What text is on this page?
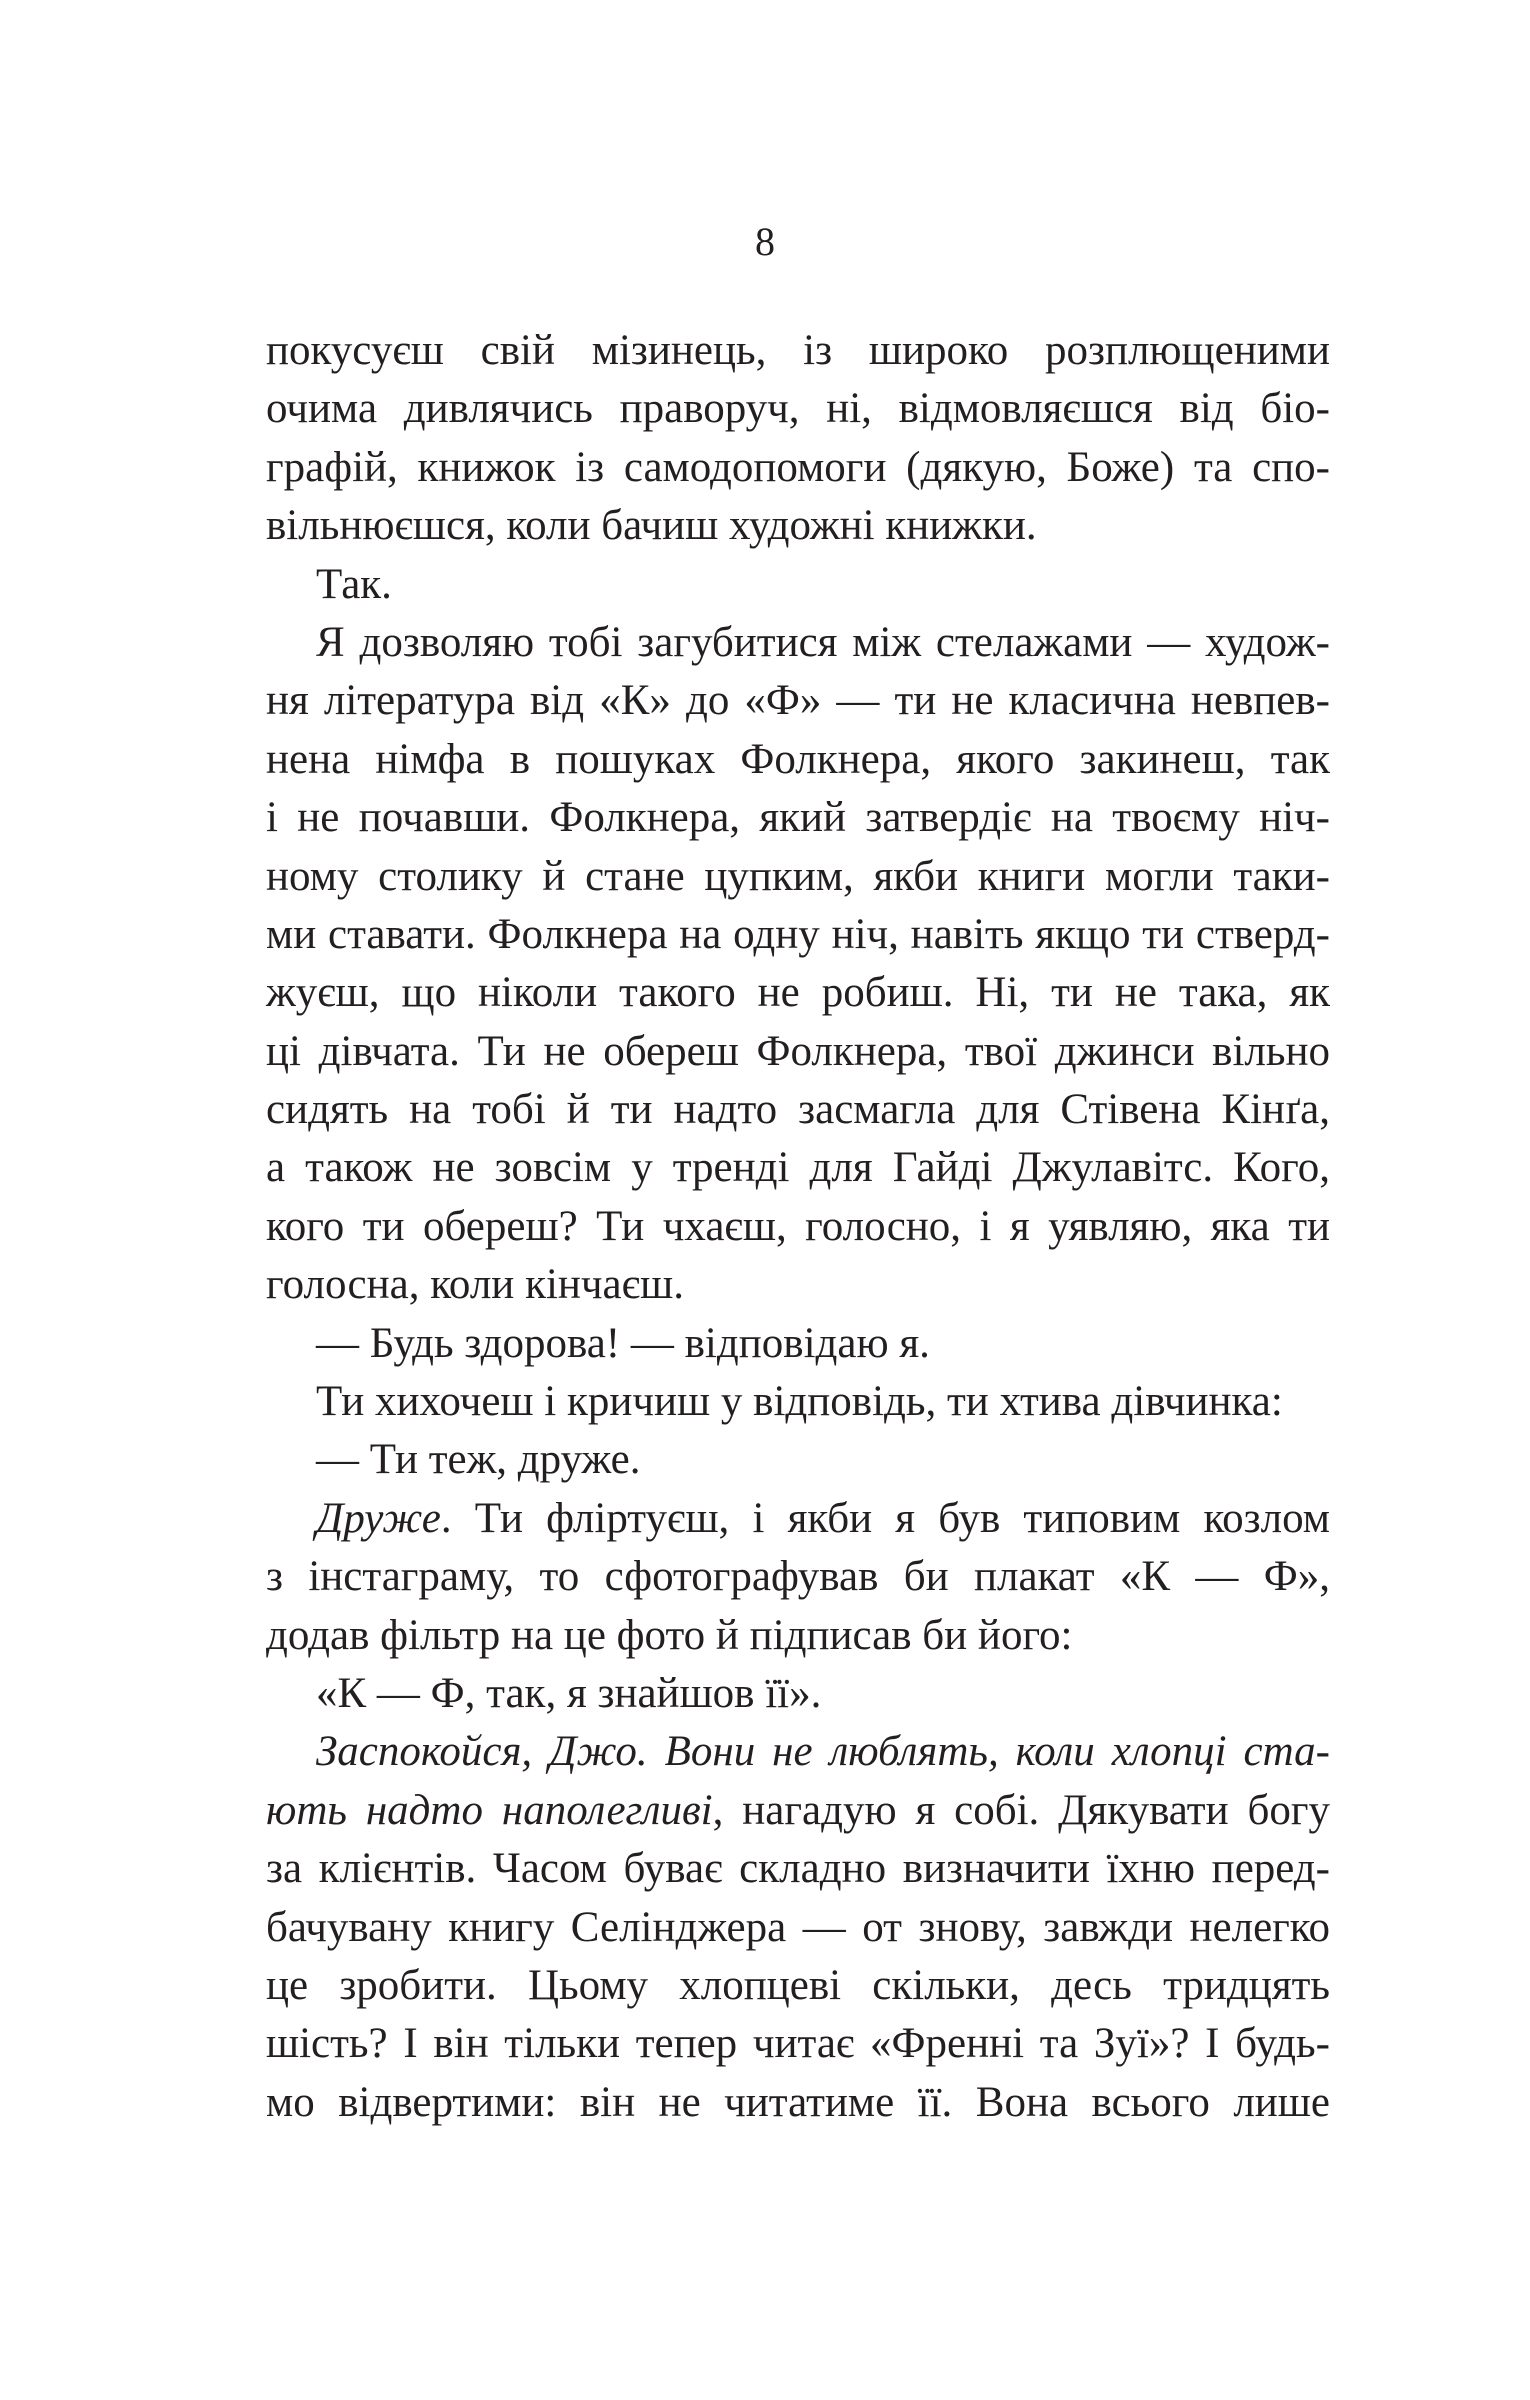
8
покусуєш свій мізинець, із широко розплющеними
очима дивлячись праворуч, ні, відмовляєшся від біо-
графій, книжок із самодопомоги (дякую, Боже) та спо-
вільнюєшся, коли бачиш художні книжки.
Так.
Я дозволяю тобі загубитися між стелажами — худож-
ня література від «К» до «Ф» — ти не класична невпев-
нена німфа в пошуках Фолкнера, якого закинеш, так
і не почавши. Фолкнера, який затвердіє на твоєму ніч-
ному столику й стане цупким, якби книги могли таки-
ми ставати. Фолкнера на одну ніч, навіть якщо ти стверд-
жуєш, що ніколи такого не робиш. Ні, ти не така, як
ці дівчата. Ти не обереш Фолкнера, твої джинси вільно
сидять на тобі й ти надто засмагла для Стівена Кінґа,
а також не зовсім у тренді для Гайді Джулавітс. Кого,
кого ти обереш? Ти чхаєш, голосно, і я уявляю, яка ти
голосна, коли кінчаєш.
— Будь здорова! — відповідаю я.
Ти хихочеш і кричиш у відповідь, ти хтива дівчинка:
— Ти теж, друже.
Друже. Ти фліртуєш, і якби я був типовим козлом
з інстаграму, то сфотографував би плакат «К — Ф»,
додав фільтр на це фото й підписав би його:
«К — Ф, так, я знайшов її».
Заспокойся, Джо. Вони не люблять, коли хлопці ста-
ють надто наполегливі, нагадую я собі. Дякувати богу
за клієнтів. Часом буває складно визначити їхню перед-
бачувану книгу Селінджера — от знову, завжди нелегко
це зробити. Цьому хлопцеві скільки, десь тридцять
шість? І він тільки тепер читає «Френні та Зуї»? І будь-
мо відвертими: він не читатиме її. Вона всього лише
